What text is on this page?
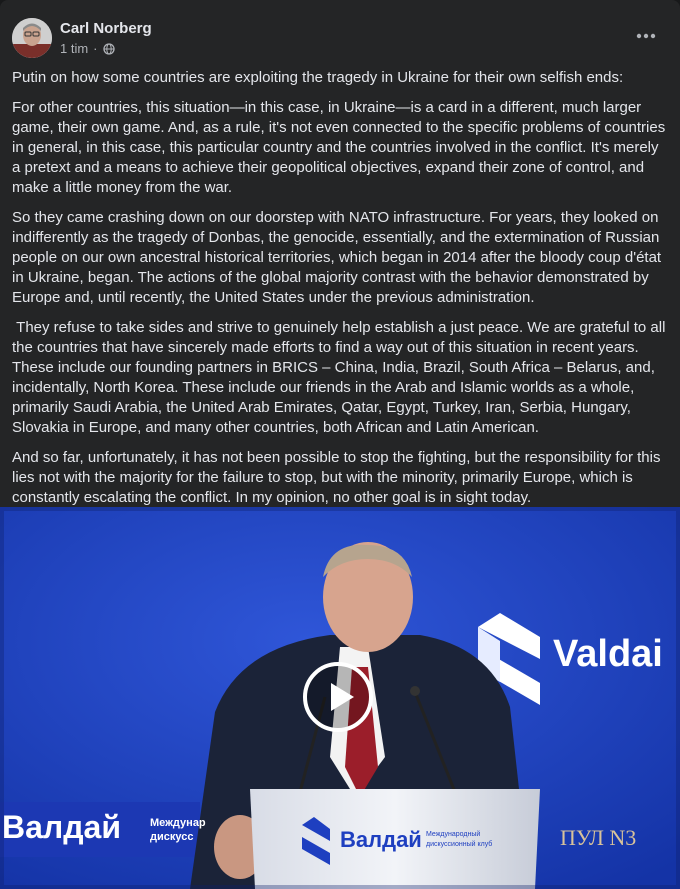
Carl Norberg
1 tim ·

Putin on how some countries are exploiting the tragedy in Ukraine for their own selfish ends:

For other countries, this situation—in this case, in Ukraine—is a card in a different, much larger game, their own game. And, as a rule, it's not even connected to the specific problems of countries in general, in this case, this particular country and the countries involved in the conflict. It's merely a pretext and a means to achieve their geopolitical objectives, expand their zone of control, and make a little money from the war.

So they came crashing down on our doorstep with NATO infrastructure. For years, they looked on indifferently as the tragedy of Donbas, the genocide, essentially, and the extermination of Russian people on our own ancestral historical territories, which began in 2014 after the bloody coup d'état in Ukraine, began. The actions of the global majority contrast with the behavior demonstrated by Europe and, until recently, the United States under the previous administration.

They refuse to take sides and strive to genuinely help establish a just peace. We are grateful to all the countries that have sincerely made efforts to find a way out of this situation in recent years. These include our founding partners in BRICS – China, India, Brazil, South Africa – Belarus, and, incidentally, North Korea. These include our friends in the Arab and Islamic worlds as a whole, primarily Saudi Arabia, the United Arab Emirates, Qatar, Egypt, Turkey, Iran, Serbia, Hungary, Slovakia in Europe, and many other countries, both African and Latin American.

And so far, unfortunately, it has not been possible to stop the fighting, but the responsibility for this lies not with the majority for the failure to stop, but with the minority, primarily Europe, which is constantly escalating the conflict. In my opinion, no other goal is in sight today.

Valdai
Валдай	Междунар
дискусс	Валдай Международный
дискуссионный клуб	ПУЛ N3
